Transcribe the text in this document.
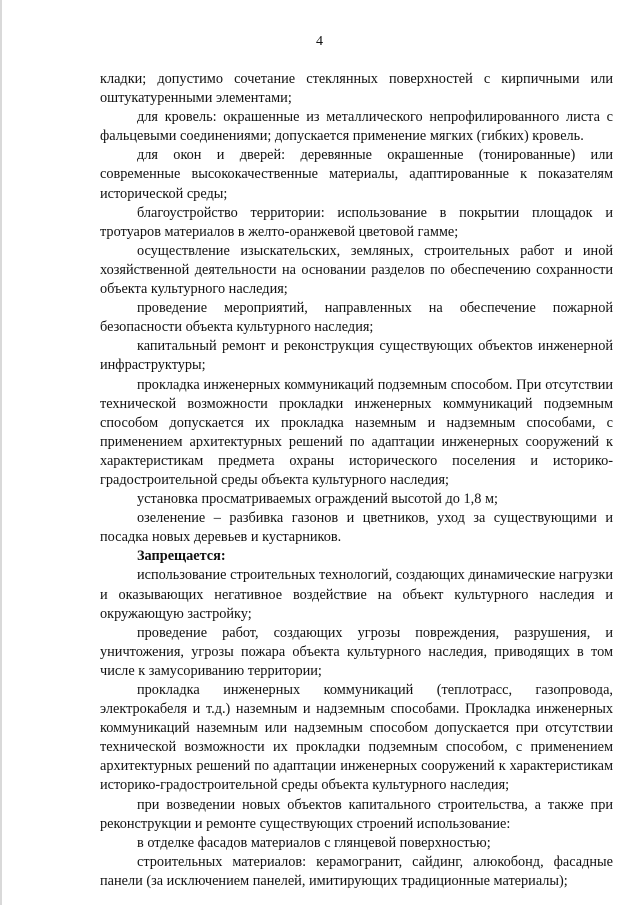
4

кладки; допустимо сочетание стеклянных поверхностей с кирпичными или оштукатуренными элементами;

для кровель: окрашенные из металлического непрофилированного листа с фальцевыми соединениями; допускается применение мягких (гибких) кровель.

для окон и дверей: деревянные окрашенные (тонированные) или современные высококачественные материалы, адаптированные к показателям исторической среды;

благоустройство территории: использование в покрытии площадок и тротуаров материалов в желто-оранжевой цветовой гамме;

осуществление изыскательских, земляных, строительных работ и иной хозяйственной деятельности на основании разделов по обеспечению сохранности объекта культурного наследия;

проведение мероприятий, направленных на обеспечение пожарной безопасности объекта культурного наследия;

капитальный ремонт и реконструкция существующих объектов инженерной инфраструктуры;

прокладка инженерных коммуникаций подземным способом. При отсутствии технической возможности прокладки инженерных коммуникаций подземным способом допускается их прокладка наземным и надземным способами, с применением архитектурных решений по адаптации инженерных сооружений к характеристикам предмета охраны исторического поселения и историко-градостроительной среды объекта культурного наследия;

установка просматриваемых ограждений высотой до 1,8 м;

озеленение – разбивка газонов и цветников, уход за существующими и посадка новых деревьев и кустарников.

Запрещается:

использование строительных технологий, создающих динамические нагрузки и оказывающих негативное воздействие на объект культурного наследия и окружающую застройку;

проведение работ, создающих угрозы повреждения, разрушения, и уничтожения, угрозы пожара объекта культурного наследия, приводящих в том числе к замусориванию территории;

прокладка инженерных коммуникаций (теплотрасс, газопровода, электрокабеля и т.д.) наземным и надземным способами. Прокладка инженерных коммуникаций наземным или надземным способом допускается при отсутствии технической возможности их прокладки подземным способом, с применением архитектурных решений по адаптации инженерных сооружений к характеристикам историко-градостроительной среды объекта культурного наследия;

при возведении новых объектов капитального строительства, а также при реконструкции и ремонте существующих строений использование:

в отделке фасадов материалов с глянцевой поверхностью;

строительных материалов: керамогранит, сайдинг, алюкобонд, фасадные панели (за исключением панелей, имитирующих традиционные материалы);
